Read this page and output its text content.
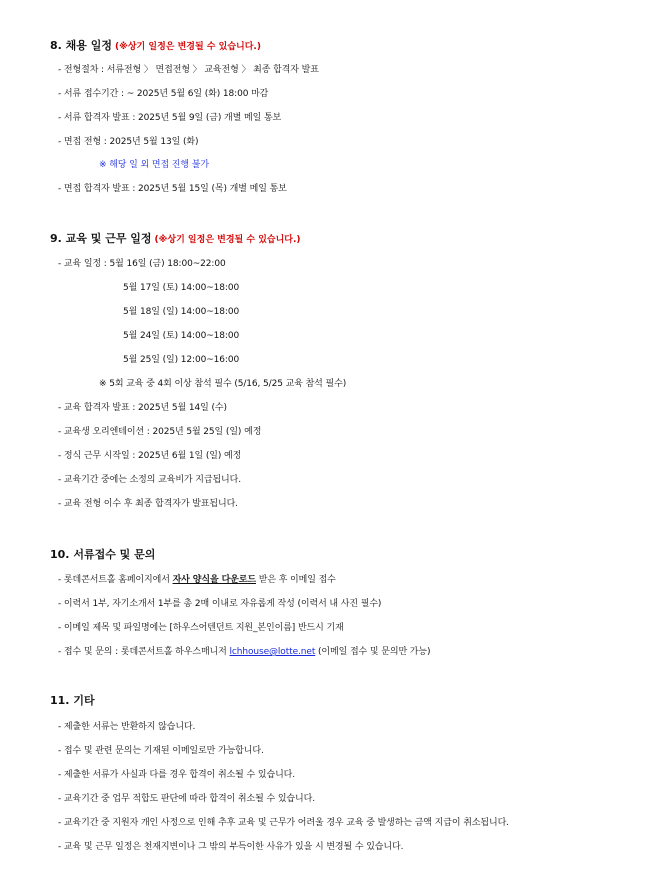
8. 채용 일정 (※상기 일정은 변경될 수 있습니다.)
- 전형절차 : 서류전형 〉 면접전형 〉 교육전형 〉 최종 합격자 발표
- 서류 접수기간 : ~ 2025년 5월 6일 (화) 18:00 마감
- 서류 합격자 발표 : 2025년 5월 9일 (금) 개별 메일 통보
- 면접 전형 : 2025년 5월 13일 (화)
※ 해당 일 외 면접 진행 불가
- 면접 합격자 발표 : 2025년 5월 15일 (목) 개별 메일 통보
9. 교육 및 근무 일정 (※상기 일정은 변경될 수 있습니다.)
- 교육 일정 : 5월 16일 (금) 18:00~22:00
5월 17일 (토) 14:00~18:00
5월 18일 (일) 14:00~18:00
5월 24일 (토) 14:00~18:00
5월 25일 (일) 12:00~16:00
※ 5회 교육 중 4회 이상 참석 필수 (5/16, 5/25 교육 참석 필수)
- 교육 합격자 발표 : 2025년 5월 14일 (수)
- 교육생 오리엔테이션 : 2025년 5월 25일 (일) 예정
- 정식 근무 시작일 : 2025년 6월 1일 (일) 예정
- 교육기간 중에는 소정의 교육비가 지급됩니다.
- 교육 전형 이수 후 최종 합격자가 발표됩니다.
10. 서류접수 및 문의
- 롯데콘서트홀 홈페이지에서 자사 양식을 다운로드 받은 후 이메일 접수
- 이력서 1부, 자기소개서 1부를 총 2매 이내로 자유롭게 작성 (이력서 내 사진 필수)
- 이메일 제목 및 파일명에는 [하우스어텐던트 지원_본인이름] 반드시 기재
- 접수 및 문의 : 롯데콘서트홀 하우스매니저 lchhouse@lotte.net (이메일 접수 및 문의만 가능)
11. 기타
- 제출한 서류는 반환하지 않습니다.
- 접수 및 관련 문의는 기재된 이메일로만 가능합니다.
- 제출한 서류가 사실과 다를 경우 합격이 취소될 수 있습니다.
- 교육기간 중 업무 적합도 판단에 따라 합격이 취소될 수 있습니다.
- 교육기간 중 지원자 개인 사정으로 인해 추후 교육 및 근무가 어려울 경우 교육 중 발생하는 금액 지급이 취소됩니다.
- 교육 및 근무 일정은 천재지변이나 그 밖의 부득이한 사유가 있을 시 변경될 수 있습니다.
